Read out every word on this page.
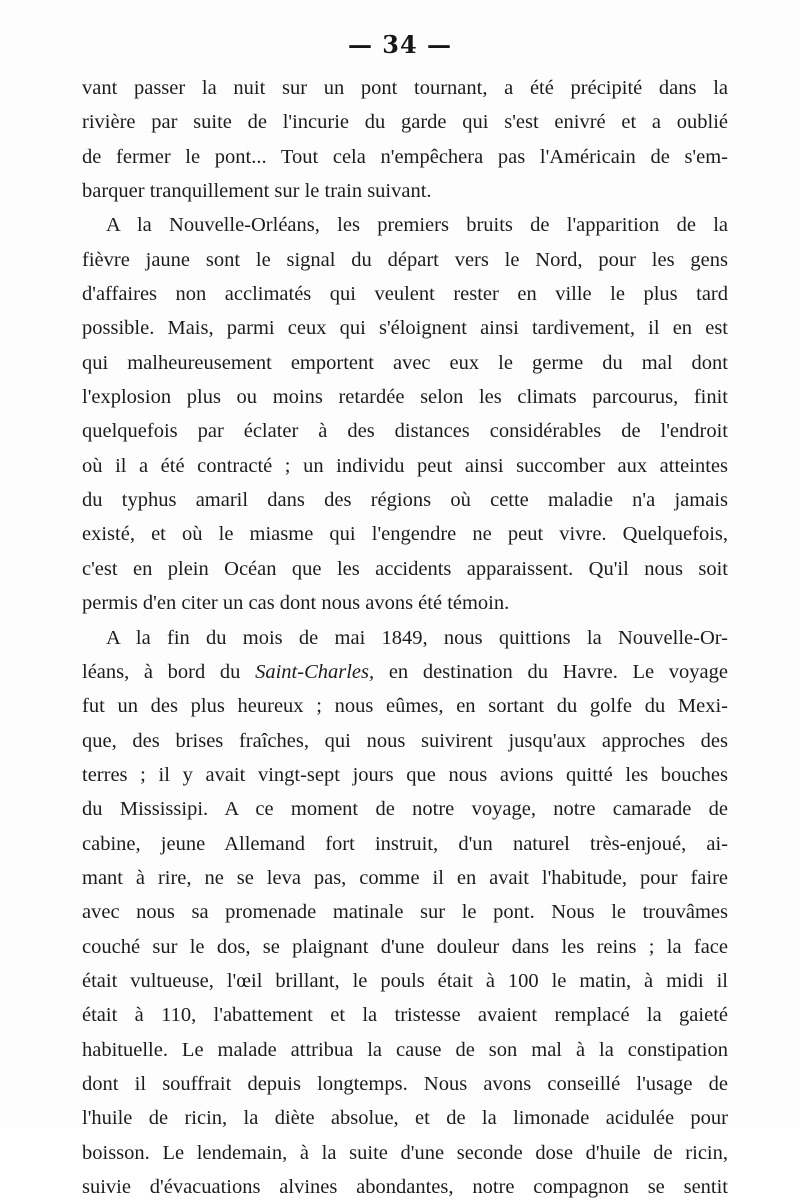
— 34 —
vant passer la nuit sur un pont tournant, a été précipité dans la
rivière par suite de l'incurie du garde qui s'est enivré et a oublié
de fermer le pont... Tout cela n'empêchera pas l'Américain de s'em-
barquer tranquillement sur le train suivant.
A la Nouvelle-Orléans, les premiers bruits de l'apparition de la
fièvre jaune sont le signal du départ vers le Nord, pour les gens
d'affaires non acclimatés qui veulent rester en ville le plus tard
possible. Mais, parmi ceux qui s'éloignent ainsi tardivement, il en est
qui malheureusement emportent avec eux le germe du mal dont
l'explosion plus ou moins retardée selon les climats parcourus, finit
quelquefois par éclater à des distances considérables de l'endroit
où il a été contracté ; un individu peut ainsi succomber aux atteintes
du typhus amaril dans des régions où cette maladie n'a jamais
existé, et où le miasme qui l'engendre ne peut vivre. Quelquefois,
c'est en plein Océan que les accidents apparaissent. Qu'il nous soit
permis d'en citer un cas dont nous avons été témoin.
A la fin du mois de mai 1849, nous quittions la Nouvelle-Or-
léans, à bord du Saint-Charles, en destination du Havre. Le voyage
fut un des plus heureux ; nous eûmes, en sortant du golfe du Mexi-
que, des brises fraîches, qui nous suivirent jusqu'aux approches des
terres ; il y avait vingt-sept jours que nous avions quitté les bouches
du Mississipi. A ce moment de notre voyage, notre camarade de
cabine, jeune Allemand fort instruit, d'un naturel très-enjoué, ai-
mant à rire, ne se leva pas, comme il en avait l'habitude, pour faire
avec nous sa promenade matinale sur le pont. Nous le trouvâmes
couché sur le dos, se plaignant d'une douleur dans les reins ; la face
était vultueuse, l'œil brillant, le pouls était à 100 le matin, à midi il
était à 110, l'abattement et la tristesse avaient remplacé la gaieté
habituelle. Le malade attribua la cause de son mal à la constipation
dont il souffrait depuis longtemps. Nous avons conseillé l'usage de
l'huile de ricin, la diète absolue, et de la limonade acidulée pour
boisson. Le lendemain, à la suite d'une seconde dose d'huile de ricin,
suivie d'évacuations alvines abondantes, notre compagnon se sentit
